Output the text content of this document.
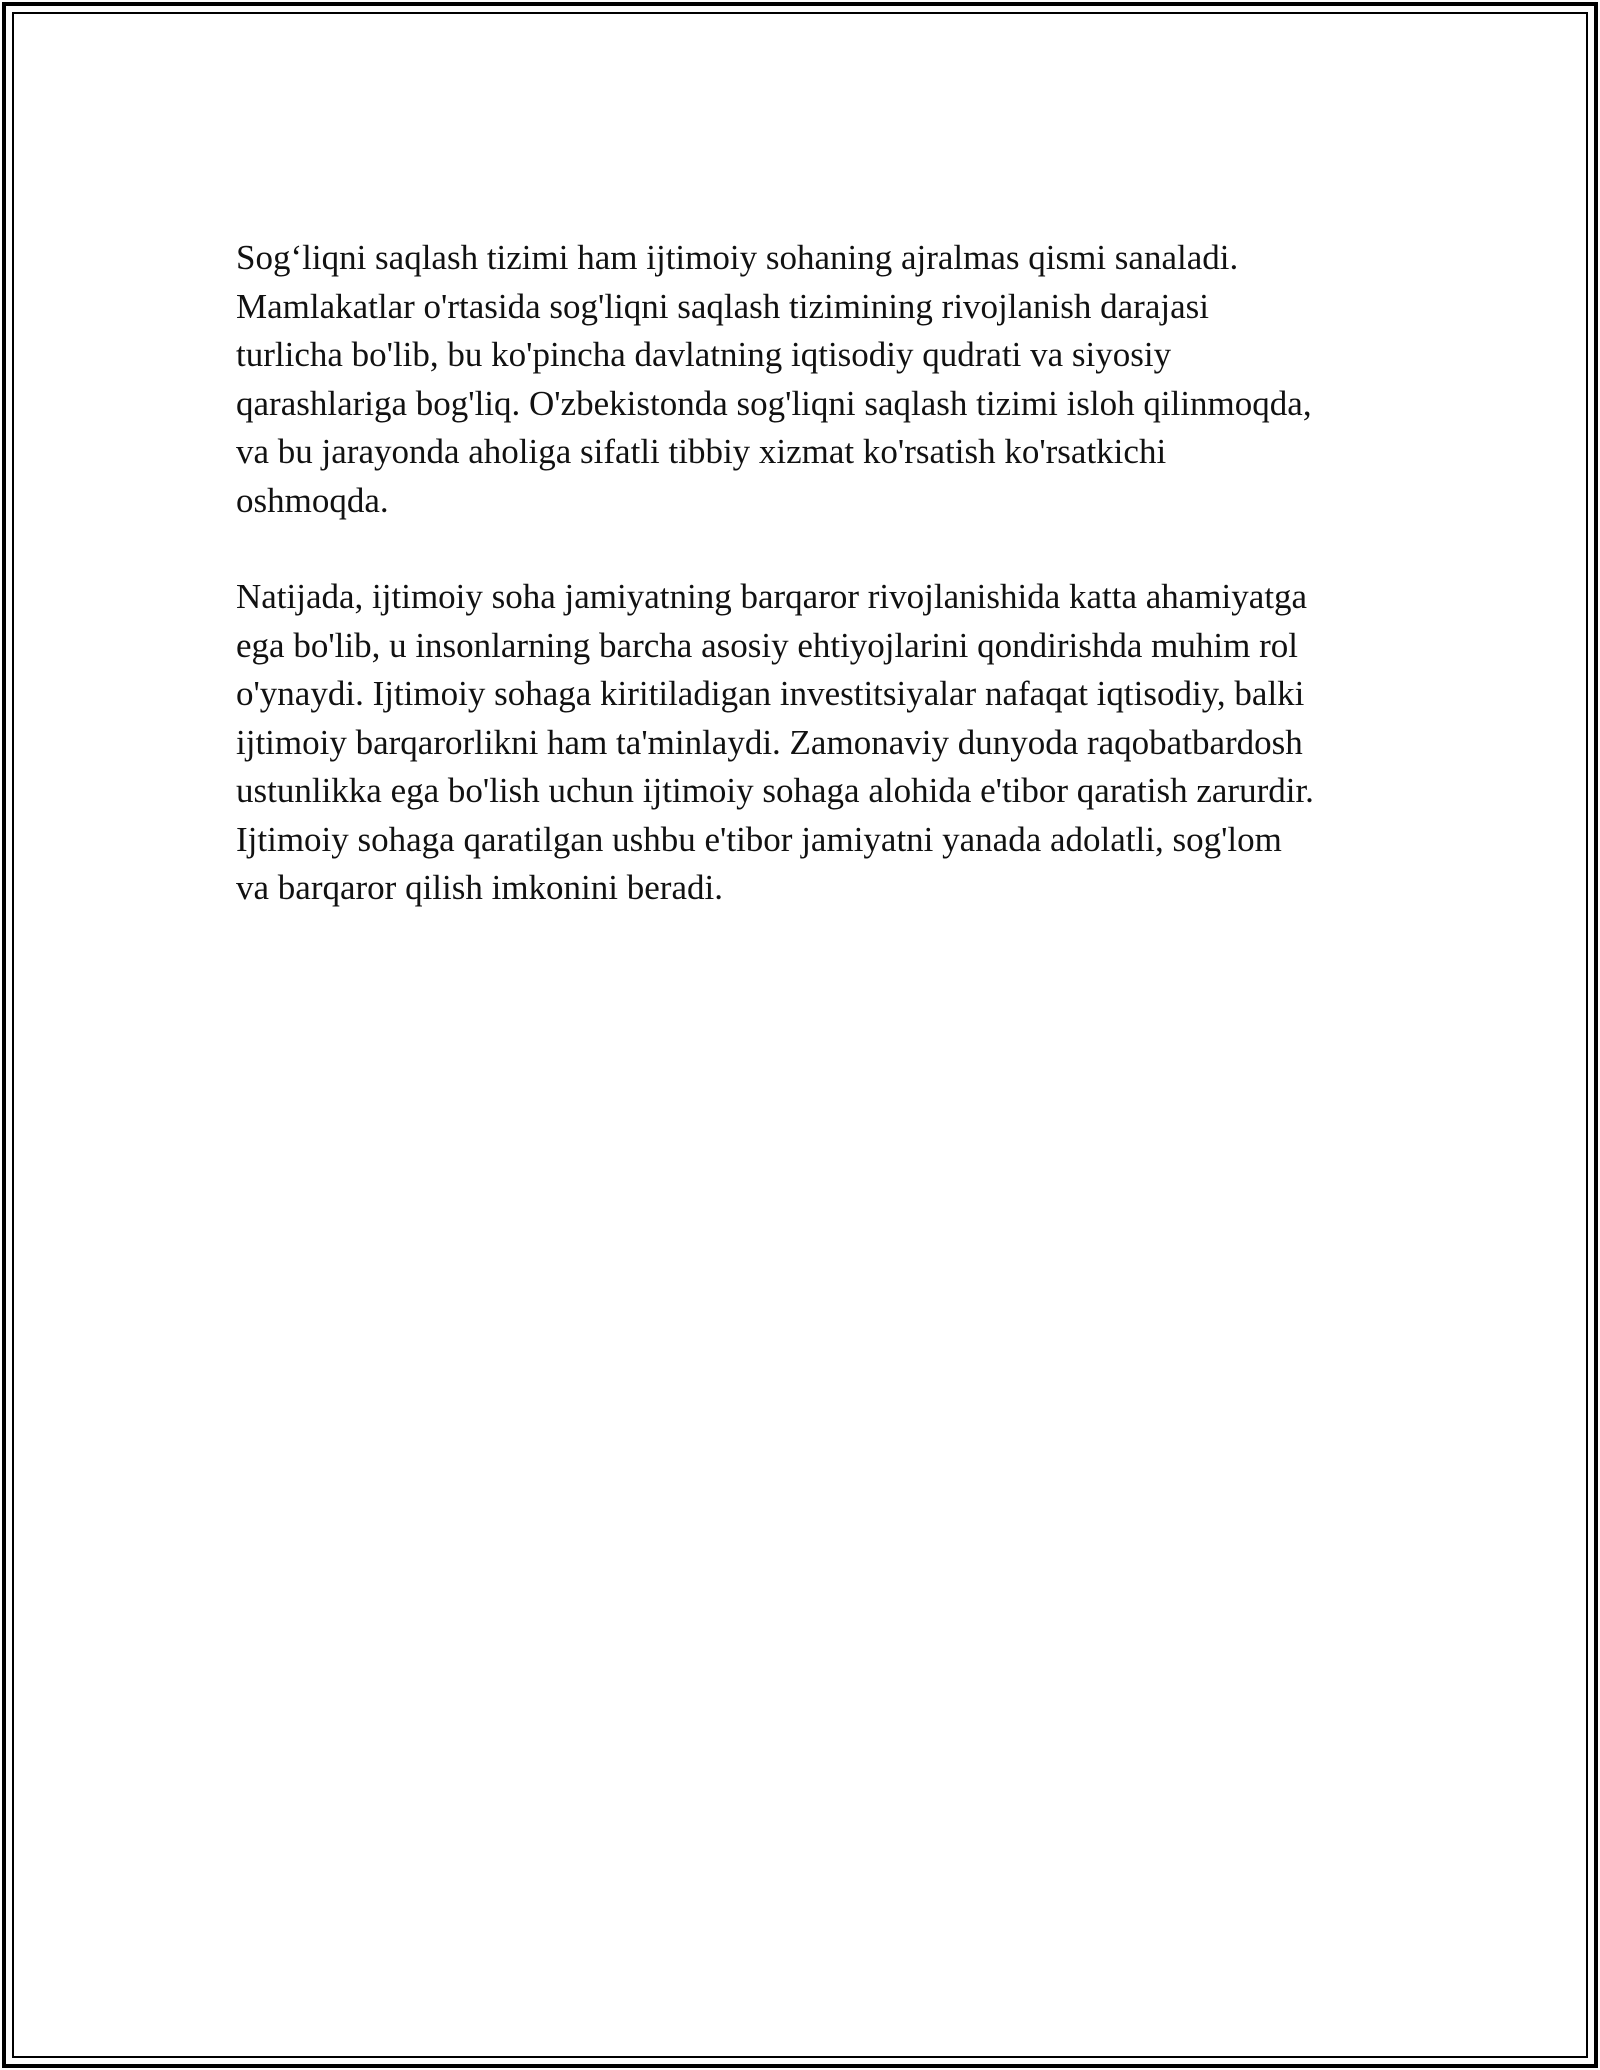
Sog‘liqni saqlash tizimi ham ijtimoiy sohaning ajralmas qismi sanaladi.
Mamlakatlar o'rtasida sog'liqni saqlash tizimining rivojlanish darajasi
turlicha bo'lib, bu ko'pincha davlatning iqtisodiy qudrati va siyosiy
qarashlariga bog'liq. O'zbekistonda sog'liqni saqlash tizimi isloh qilinmoqda,
va bu jarayonda aholiga sifatli tibbiy xizmat ko'rsatish ko'rsatkichi
oshmoqda.

Natijada, ijtimoiy soha jamiyatning barqaror rivojlanishida katta ahamiyatga
ega bo'lib, u insonlarning barcha asosiy ehtiyojlarini qondirishda muhim rol
o'ynaydi. Ijtimoiy sohaga kiritiladigan investitsiyalar nafaqat iqtisodiy, balki
ijtimoiy barqarorlikni ham ta'minlaydi. Zamonaviy dunyoda raqobatbardosh
ustunlikka ega bo'lish uchun ijtimoiy sohaga alohida e'tibor qaratish zarurdir.
Ijtimoiy sohaga qaratilgan ushbu e'tibor jamiyatni yanada adolatli, sog'lom
va barqaror qilish imkonini beradi.
